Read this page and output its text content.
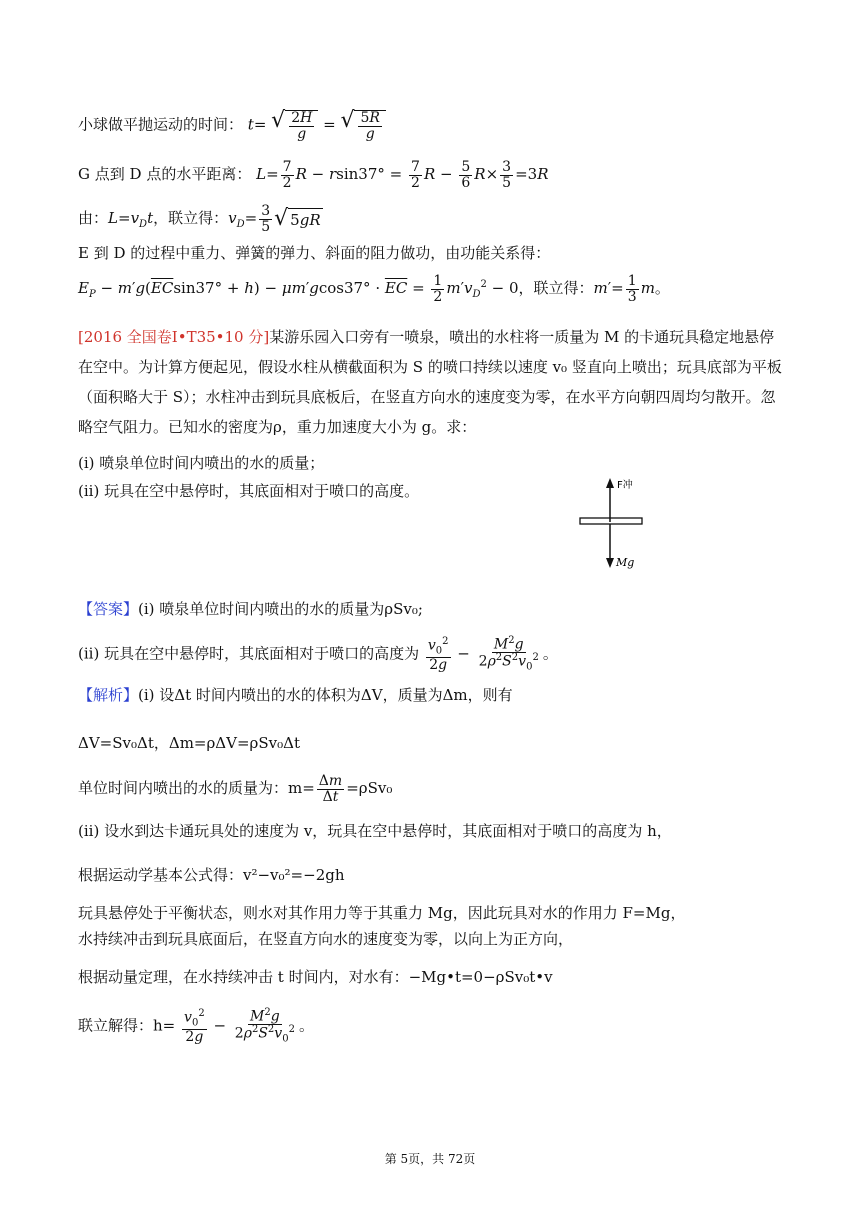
小球做平抛运动的时间： t= √ $\frac{2H}{g}$ = √ $\frac{5R}{g}$
G 点到 D 点的水平距离： $L= \frac{7}{2}$ $R - rsin37^\circ = \frac{7}{2}$ $R - \frac{5}{6} R\times \frac{3}{5} =3R$
由：$L=v_Dt$，联立得：$v_D= \frac{3}{5}$ √ 5 gR
E 到 D 的过程中重力、弹簧的弹力、斜面的阻力做功，由功能关系得：
$E_P - m'g(\overline{EC}\sin 37^\circ + h) - \mu m'gcos37^\circ \cdot \overline{EC} = \frac{1}{2} m'v_D^2 - 0$，联立得：$m'= \frac{1}{3}$ m。
[2016 全国卷Ⅰ•T35•10 分]某游乐园入口旁有一喷泉，喷出的水柱将一质量为 M 的卡通玩具稳定地悬停在空中。为计算方便起见，假设水柱从横截面积为 S 的喷口持续以速度 v₀ 竖直向上喷出；玩具底部为平板（面积略大于 S）；水柱冲击到玩具底板后，在竖直方向水的速度变为零，在水平方向朝四周均匀散开。忽略空气阻力。已知水的密度为ρ，重力加速度大小为 g。求：
(i) 喷泉单位时间内喷出的水的质量；
(ii) 玩具在空中悬停时，其底面相对于喷口的高度。	F冲
Mg
【答案】(i) 喷泉单位时间内喷出的水的质量为ρSv₀;
(ii) 玩具在空中悬停时，其底面相对于喷口的高度为 $\frac{v_0^2}{2g} - \frac{M^2g}{2\rho^2S^2v_0^2}$ 。
【解析】(i) 设Δt 时间内喷出的水的体积为ΔV，质量为Δm，则有
ΔV=Sv₀Δt，Δm=ρΔV=ρSv₀Δt
单位时间内喷出的水的质量为：$m= \frac{\Delta m}{\Delta t} =\rho Sv_0$
(ii) 设水到达卡通玩具处的速度为 v，玩具在空中悬停时，其底面相对于喷口的高度为 h，
根据运动学基本公式得：v²−v₀²=−2gh
玩具悬停处于平衡状态，则水对其作用力等于其重力 Mg，因此玩具对水的作用力 F=Mg，
水持续冲击到玩具底面后，在竖直方向水的速度变为零，以向上为正方向，
根据动量定理，在水持续冲击 t 时间内，对水有：−Mg•t=0−ρSv₀t•v
联立解得：$h= \frac{v_0^2}{2g} - \frac{M^2g}{2\rho^2S^2v_0^2}$ 。
第 5页，共 72页
